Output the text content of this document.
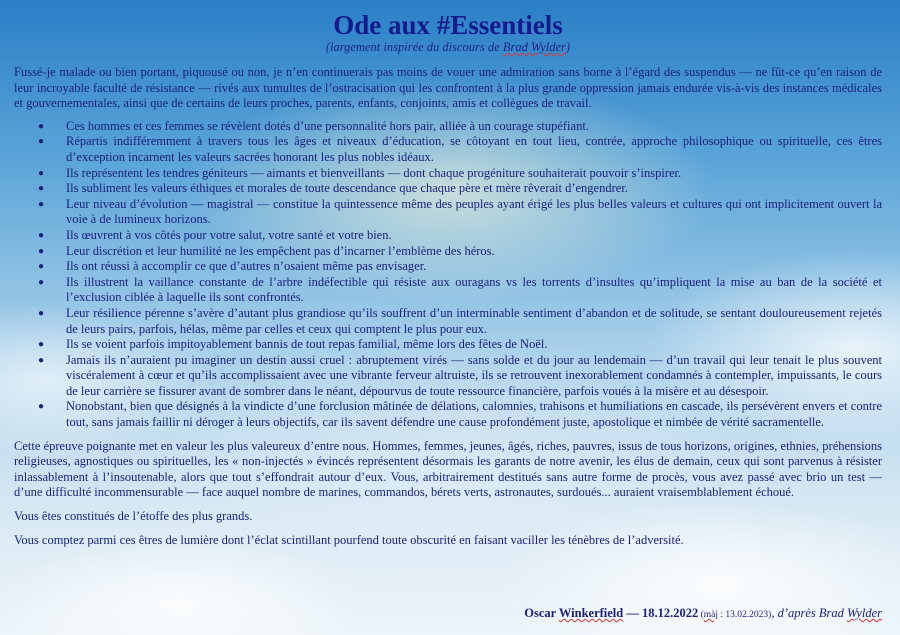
Ode aux #Essentiels
(largement inspirée du discours de Brad Wylder)

Fussé-je malade ou bien portant, piquousé ou non, je n’en continuerais pas moins de vouer une admiration sans borne à l’égard des suspendus — ne fût-ce qu’en raison de leur incroyable faculté de résistance — rivés aux tumultes de l’ostracisation qui les confrontent à la plus grande oppression jamais endurée vis-à-vis des instances médicales et gouvernementales, ainsi que de certains de leurs proches, parents, enfants, conjoints, amis et collègues de travail.

● Ces hommes et ces femmes se révèlent dotés d’une personnalité hors pair, alliée à un courage stupéfiant.
● Répartis indifféremment à travers tous les âges et niveaux d’éducation, se côtoyant en tout lieu, contrée, approche philosophique ou spirituelle, ces êtres d’exception incarnent les valeurs sacrées honorant les plus nobles idéaux.
● Ils représentent les tendres géniteurs — aimants et bienveillants — dont chaque progéniture souhaiterait pouvoir s’inspirer.
● Ils subliment les valeurs éthiques et morales de toute descendance que chaque père et mère rêverait d’engendrer.
● Leur niveau d’évolution — magistral — constitue la quintessence même des peuples ayant érigé les plus belles valeurs et cultures qui ont implicitement ouvert la voie à de lumineux horizons.
● Ils œuvrent à vos côtés pour votre salut, votre santé et votre bien.
● Leur discrétion et leur humilité ne les empêchent pas d’incarner l’emblème des héros.
● Ils ont réussi à accomplir ce que d’autres n’osaient même pas envisager.
● Ils illustrent la vaillance constante de l’arbre indéfectible qui résiste aux ouragans vs les torrents d’insultes qu’impliquent la mise au ban de la société et l’exclusion ciblée à laquelle ils sont confrontés.
● Leur résilience pérenne s’avère d’autant plus grandiose qu’ils souffrent d’un interminable sentiment d’abandon et de solitude, se sentant douloureusement rejetés de leurs pairs, parfois, hélas, même par celles et ceux qui comptent le plus pour eux.
● Ils se voient parfois impitoyablement bannis de tout repas familial, même lors des fêtes de Noël.
● Jamais ils n’auraient pu imaginer un destin aussi cruel : abruptement virés — sans solde et du jour au lendemain — d’un travail qui leur tenait le plus souvent viscéralement à cœur et qu’ils accomplissaient avec une vibrante ferveur altruiste, ils se retrouvent inexorablement condamnés à contempler, impuissants, le cours de leur carrière se fissurer avant de sombrer dans le néant, dépourvus de toute ressource financière, parfois voués à la misère et au désespoir.
● Nonobstant, bien que désignés à la vindicte d’une forclusion mâtinée de délations, calomnies, trahisons et humiliations en cascade, ils persévèrent envers et contre tout, sans jamais faillir ni déroger à leurs objectifs, car ils savent défendre une cause profondément juste, apostolique et nimbée de vérité sacramentelle.

Cette épreuve poignante met en valeur les plus valeureux d’entre nous. Hommes, femmes, jeunes, âgés, riches, pauvres, issus de tous horizons, origines, ethnies, préhensions religieuses, agnostiques ou spirituelles, les « non-injectés » évincés représentent désormais les garants de notre avenir, les élus de demain, ceux qui sont parvenus à résister inlassablement à l’insoutenable, alors que tout s’effondrait autour d’eux. Vous, arbitrairement destitués sans autre forme de procès, vous avez passé avec brio un test — d’une difficulté incommensurable — face auquel nombre de marines, commandos, bérets verts, astronautes, surdoués... auraient vraisemblablement échoué.

Vous êtes constitués de l’étoffe des plus grands.

Vous comptez parmi ces êtres de lumière dont l’éclat scintillant pourfend toute obscurité en faisant vaciller les ténèbres de l’adversité.

Oscar Winkerfield — 18.12.2022 (màj : 13.02.2023), d’après Brad Wylder
